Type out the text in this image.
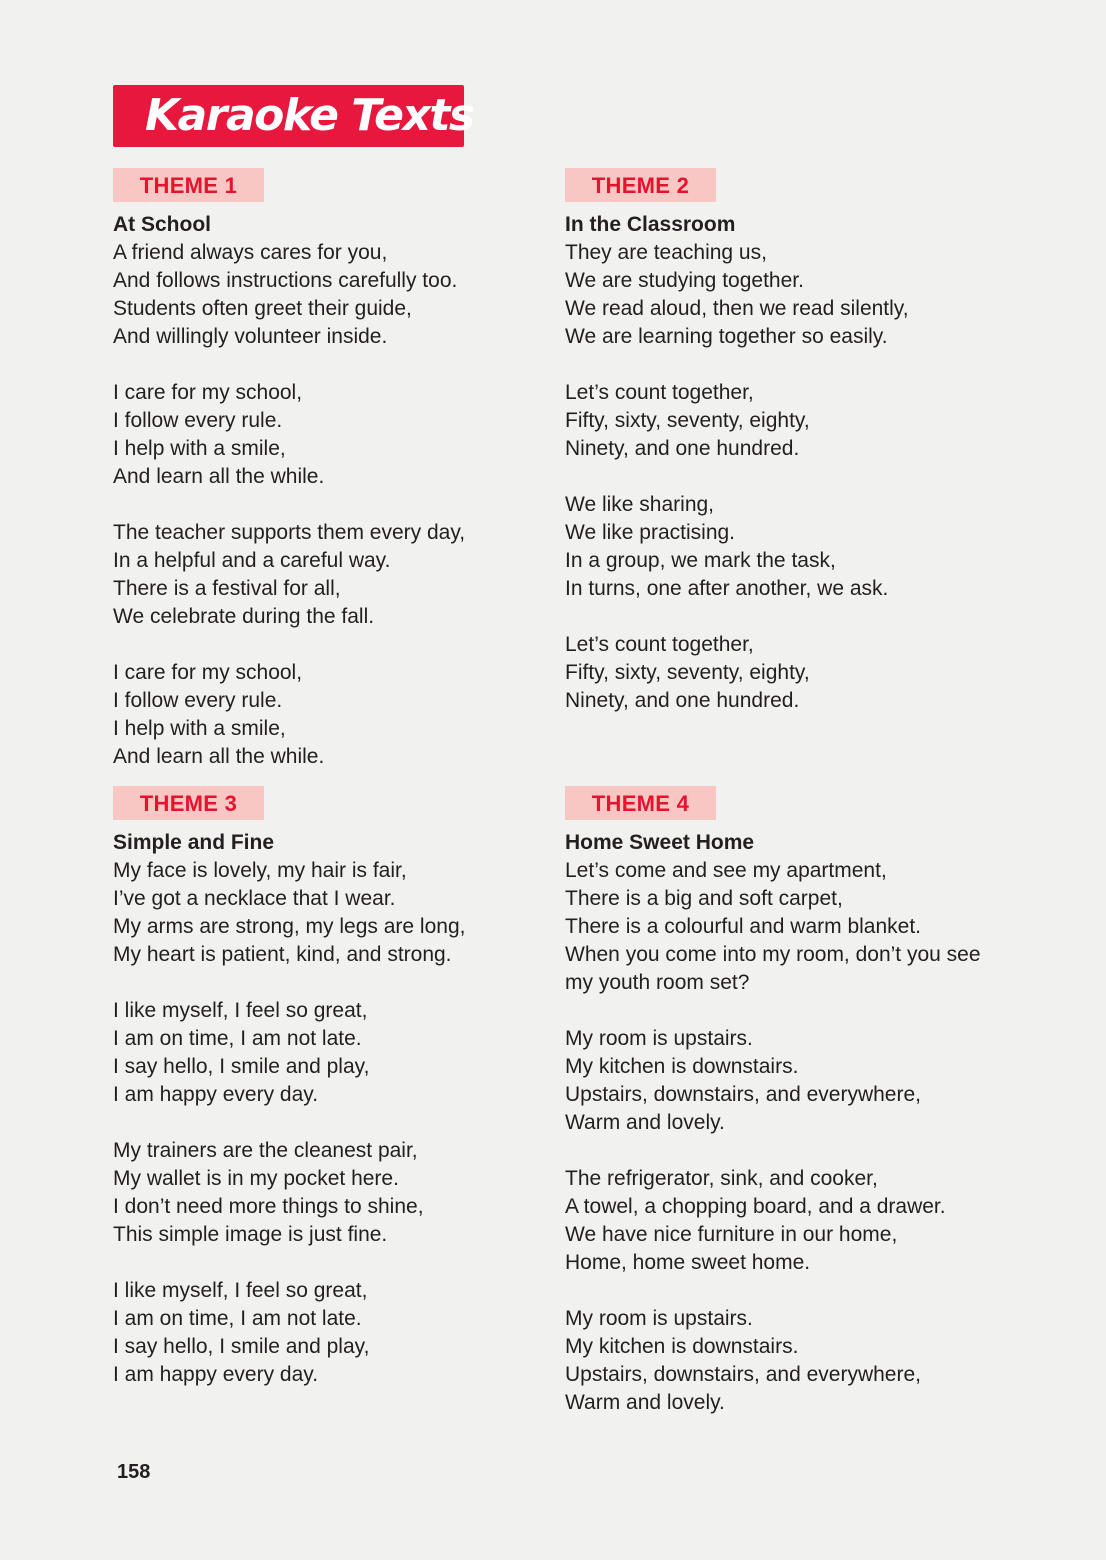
Karaoke Texts
THEME 1
At School
A friend always cares for you,
And follows instructions carefully too.
Students often greet their guide,
And willingly volunteer inside.
I care for my school,
I follow every rule.
I help with a smile,
And learn all the while.
The teacher supports them every day,
In a helpful and a careful way.
There is a festival for all,
We celebrate during the fall.
I care for my school,
I follow every rule.
I help with a smile,
And learn all the while.
THEME 2
In the Classroom
They are teaching us,
We are studying together.
We read aloud, then we read silently,
We are learning together so easily.
Let’s count together,
Fifty, sixty, seventy, eighty,
Ninety, and one hundred.
We like sharing,
We like practising.
In a group, we mark the task,
In turns, one after another, we ask.
Let’s count together,
Fifty, sixty, seventy, eighty,
Ninety, and one hundred.
THEME 3
Simple and Fine
My face is lovely, my hair is fair,
I’ve got a necklace that I wear.
My arms are strong, my legs are long,
My heart is patient, kind, and strong.
I like myself, I feel so great,
I am on time, I am not late.
I say hello, I smile and play,
I am happy every day.
My trainers are the cleanest pair,
My wallet is in my pocket here.
I don’t need more things to shine,
This simple image is just fine.
I like myself, I feel so great,
I am on time, I am not late.
I say hello, I smile and play,
I am happy every day.
THEME 4
Home Sweet Home
Let’s come and see my apartment,
There is a big and soft carpet,
There is a colourful and warm blanket.
When you come into my room, don’t you see
my youth room set?
My room is upstairs.
My kitchen is downstairs.
Upstairs, downstairs, and everywhere,
Warm and lovely.
The refrigerator, sink, and cooker,
A towel, a chopping board, and a drawer.
We have nice furniture in our home,
Home, home sweet home.
My room is upstairs.
My kitchen is downstairs.
Upstairs, downstairs, and everywhere,
Warm and lovely.
158
